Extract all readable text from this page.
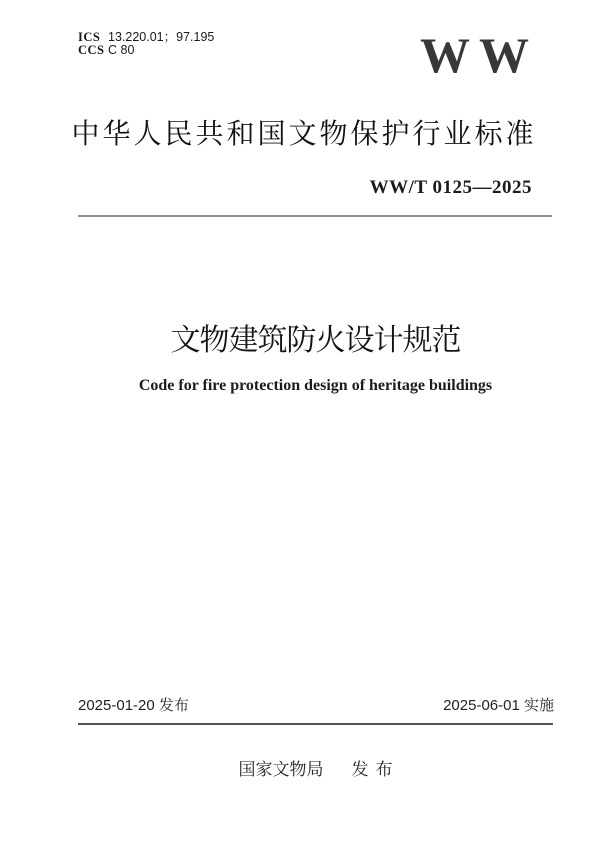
ICS 13.220.01；97.195
CCS C 80	WW
中华人民共和国文物保护行业标准
WW/T 0125—2025
文物建筑防火设计规范
Code for fire protection design of heritage buildings
2025-01-20 发布	2025-06-01 实施
国家文物局 发布
